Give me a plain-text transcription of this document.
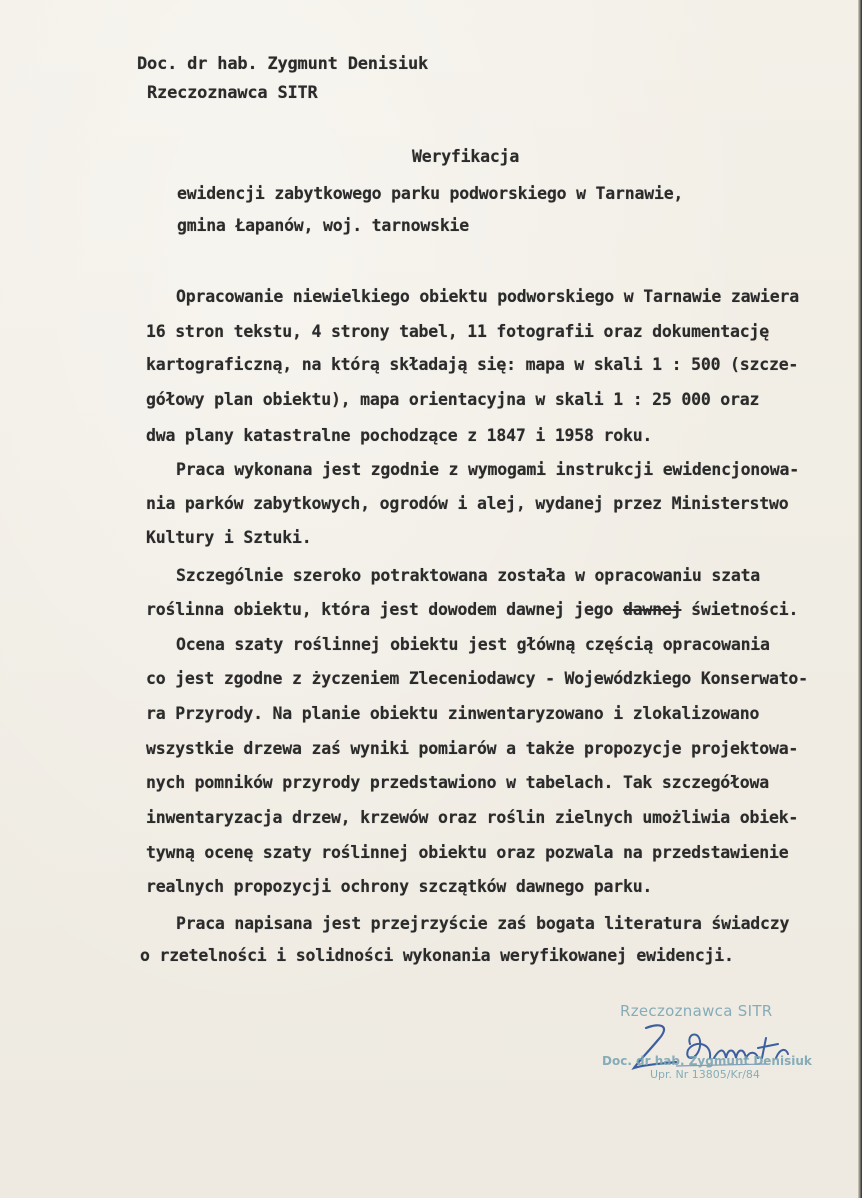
Doc. dr hab. Zygmunt Denisiuk
Rzeczoznawca SITR
Weryfikacja
ewidencji zabytkowego parku podworskiego w Tarnawie,
gmina Łapanów, woj. tarnowskie
Opracowanie niewielkiego obiektu podworskiego w Tarnawie zawiera
16 stron tekstu, 4 strony tabel, 11 fotografii oraz dokumentację
kartograficzną, na którą składają się: mapa w skali 1 : 500 (szcze-
gółowy plan obiektu), mapa orientacyjna w skali 1 : 25 000 oraz
dwa plany katastralne pochodzące z 1847 i 1958 roku.
Praca wykonana jest zgodnie z wymogami instrukcji ewidencjonowa-
nia parków zabytkowych, ogrodów i alej, wydanej przez Ministerstwo
Kultury i Sztuki.
Szczególnie szeroko potraktowana została w opracowaniu szata
roślinna obiektu, która jest dowodem dawnej jego dawnej świetności.
Ocena szaty roślinnej obiektu jest główną częścią opracowania
co jest zgodne z życzeniem Zleceniodawcy - Wojewódzkiego Konserwato-
ra Przyrody. Na planie obiektu zinwentaryzowano i zlokalizowano
wszystkie drzewa zaś wyniki pomiarów a także propozycje projektowa-
nych pomników przyrody przedstawiono w tabelach. Tak szczegółowa
inwentaryzacja drzew, krzewów oraz roślin zielnych umożliwia obiek-
tywną ocenę szaty roślinnej obiektu oraz pozwala na przedstawienie
realnych propozycji ochrony szczątków dawnego parku.
Praca napisana jest przejrzyście zaś bogata literatura świadczy
o rzetelności i solidności wykonania weryfikowanej ewidencji.
Rzeczoznawca SITR
Doc. dr hab. Zygmunt Denisiuk
Upr. Nr 13805/Kr/84
